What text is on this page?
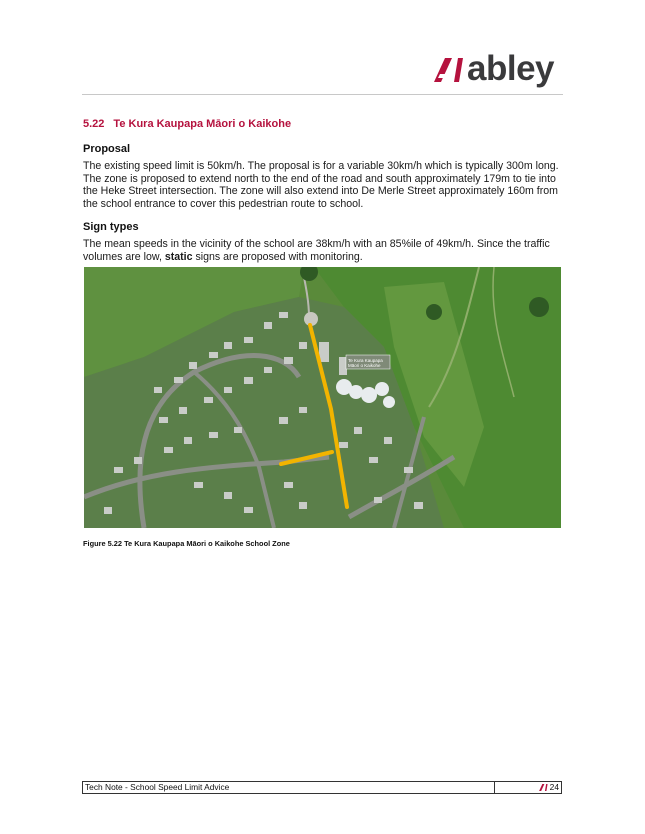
abley
5.22 Te Kura Kaupapa Māori o Kaikohe
Proposal
The existing speed limit is 50km/h. The proposal is for a variable 30km/h which is typically 300m long. The zone is proposed to extend north to the end of the road and south approximately 179m to tie into the Heke Street intersection. The zone will also extend into De Merle Street approximately 160m from the school entrance to cover this pedestrian route to school.
Sign types
The mean speeds in the vicinity of the school are 38km/h with an 85%ile of 49km/h. Since the traffic volumes are low, static signs are proposed with monitoring.
Te Kura Kaupapa
Māori o Kaikohe
Figure 5.22 Te Kura Kaupapa Māori o Kaikohe School Zone
Tech Note - School Speed Limit Advice	24
